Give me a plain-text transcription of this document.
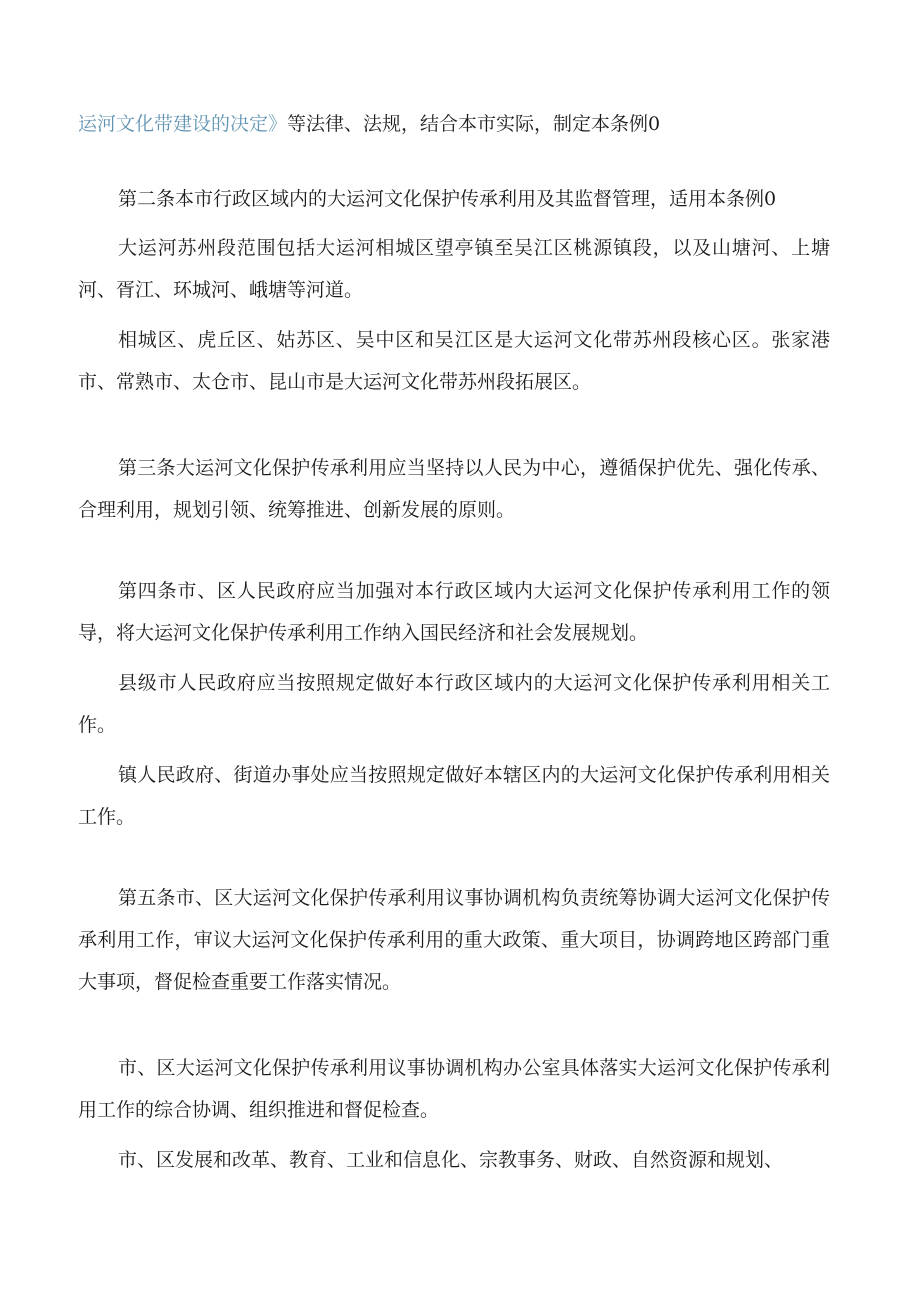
运河文化带建设的决定》等法律、法规，结合本市实际，制定本条例0

第二条本市行政区域内的大运河文化保护传承利用及其监督管理，适用本条例0

大运河苏州段范围包括大运河相城区望亭镇至吴江区桃源镇段，以及山塘河、上塘河、胥江、环城河、峨塘等河道。

相城区、虎丘区、姑苏区、吴中区和吴江区是大运河文化带苏州段核心区。张家港市、常熟市、太仓市、昆山市是大运河文化带苏州段拓展区。

第三条大运河文化保护传承利用应当坚持以人民为中心，遵循保护优先、强化传承、合理利用，规划引领、统筹推进、创新发展的原则。

第四条市、区人民政府应当加强对本行政区域内大运河文化保护传承利用工作的领导，将大运河文化保护传承利用工作纳入国民经济和社会发展规划。

县级市人民政府应当按照规定做好本行政区域内的大运河文化保护传承利用相关工作。

镇人民政府、街道办事处应当按照规定做好本辖区内的大运河文化保护传承利用相关工作。

第五条市、区大运河文化保护传承利用议事协调机构负责统筹协调大运河文化保护传承利用工作，审议大运河文化保护传承利用的重大政策、重大项目，协调跨地区跨部门重大事项，督促检查重要工作落实情况。

市、区大运河文化保护传承利用议事协调机构办公室具体落实大运河文化保护传承利用工作的综合协调、组织推进和督促检查。

市、区发展和改革、教育、工业和信息化、宗教事务、财政、自然资源和规划、
